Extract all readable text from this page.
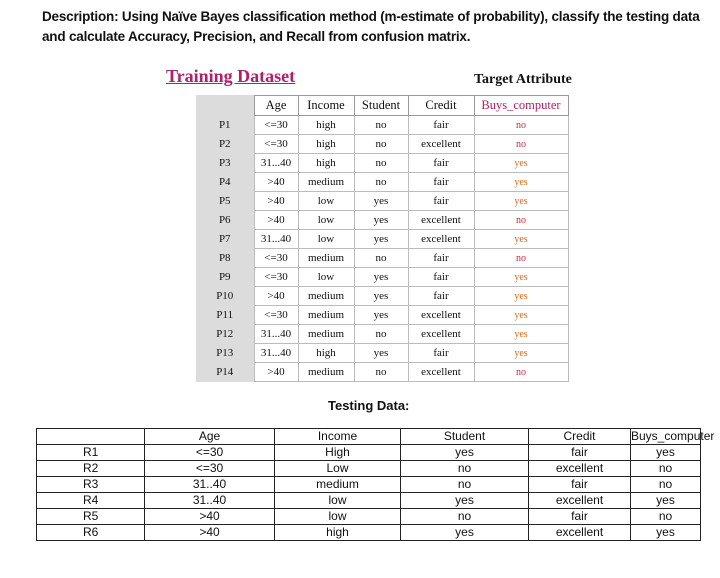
Description: Using Naïve Bayes classification method (m-estimate of probability), classify the testing data and calculate Accuracy, Precision, and Recall from confusion matrix.
Training Dataset	Target Attribute
	Age	Income	Student	Credit	Buys_computer
P1	<=30	high	no	fair	no
P2	<=30	high	no	excellent	no
P3	31...40	high	no	fair	yes
P4	>40	medium	no	fair	yes
P5	>40	low	yes	fair	yes
P6	>40	low	yes	excellent	no
P7	31...40	low	yes	excellent	yes
P8	<=30	medium	no	fair	no
P9	<=30	low	yes	fair	yes
P10	>40	medium	yes	fair	yes
P11	<=30	medium	yes	excellent	yes
P12	31...40	medium	no	excellent	yes
P13	31...40	high	yes	fair	yes
P14	>40	medium	no	excellent	no
Testing Data:
	Age	Income	Student	Credit	Buys_computer
R1	<=30	High	yes	fair	yes
R2	<=30	Low	no	excellent	no
R3	31..40	medium	no	fair	no
R4	31..40	low	yes	excellent	yes
R5	>40	low	no	fair	no
R6	>40	high	yes	excellent	yes
